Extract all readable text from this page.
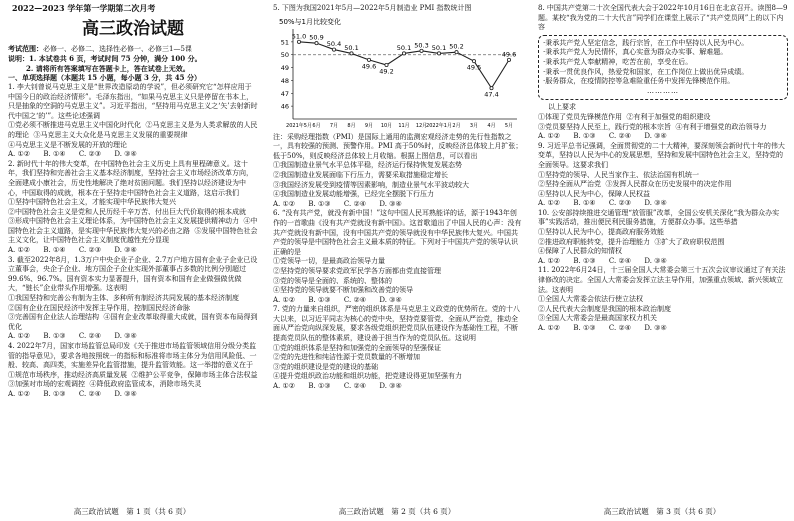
2022—2023 学年第一学期第二次月考
高三政治试题
考试范围：必修一、必修二、选择性必修一、必修三1—5课
说明：1. 本试卷共 6 页，考试时间 75 分钟，满分 100 分。
2. 请将所有答案填写在答题卡上，答在试卷上无效。
一、单项选择题（本题共 15 小题，每小题 3 分，共 45 分）
1. 李大钊曾说马克思主义是“世界改造原动的学说”，但必须研究它“怎样应用于中国今日的政治经济情形”。毛泽东指出，“如果马克思主义只是停留在书本上，只是抽象的空洞的马克思主义”。习近平指出，“坚持用马克思主义之‘矢’去射新时代中国之‘的’”。这些论述强调
①党必须不断推进马克思主义中国化时代化  ②马克思主义是为人类求解放的人民的理论  ③马克思主义大众化是马克思主义发展的重要规律
④马克思主义是不断发展的开放的理论
A. ①②      B. ①④      C. ②③      D. ③④
2. 新时代十年的伟大变革，在中国特色社会主义历史上具有里程碑意义。这十年，我们坚持和完善社会主义基本经济制度，坚持社会主义市场经济改革方向，全面建成小康社会，历史性地解决了绝对贫困问题。我们坚持以经济建设为中心，中国取得的成就，根本在于坚持走中国特色社会主义道路，这启示我们
①坚持中国特色社会主义，才能实现中华民族伟大复兴
②中国特色社会主义是党和人民历经千辛万苦、付出巨大代价取得的根本成就
③形成中国特色社会主义理论体系，为中国特色社会主义发展提供精神动力  ④中国特色社会主义道路，是实现中华民族伟大复兴的必由之路  ⑤发展中国特色社会主义文化，让中国特色社会主义制度优越性充分显现
A. ①②      B. ①④      C. ②③      D. ③④
3. 截至2022年8月，1.3万户中央企业子企业、2.7万户地方国有企业子企业已设立董事会，央企子企业、地方国企子企业实现外部董事占多数的比例分别超过99.6%、96.7%。国有资本实力显著提升，国有资本和国有企业做强做优做大，“链长”企业带头作用增强。这表明
①我国坚持和完善公有制为主体、多种所有制经济共同发展的基本经济制度
②国有企业在国民经济中发挥主导作用，控制国民经济命脉
③完善国有企业法人治理结构  ④国有企业改革取得重大成就，国有资本布局得到优化
A. ①②      B. ①③      C. ②④      D. ③④
4. 2022年7月，国家市场监管总局印发《关于推进市场监管领域信用分级分类监管的指导意见》，要求各地按照统一的指标和标准将市场主体分为信用风险低、一般、较高、高四类，实施差异化监管措施，提升监管效能。这一举措的意义在于
①规范市场秩序，推动经济高质量发展  ②维护公平竞争，保障市场主体合法权益
③加强对市场的宏观调控  ④降低政府监管成本，消除市场失灵
A. ①②      B. ①③      C. ②④      D. ③④
高三政治试题　第 1 页（共 6 页）
5. 下图为我国2021年5月—2022年5月制造业 PMI 指数统计图
50%与1月比较变化
46
47
48
49
50
51
51.0 50.9
50.4 50.1
49.6
49.2
50.1 50.3 50.1 50.2
49.5
47.4
49.6
2021年5月 6月 7月 8月 9月 10月 11月 12月
2022年1月 2月 3月 4月 5月
注：采购经理指数（PMI）是国际上通用的监测宏观经济走势的先行性指数之一，具有较强的预测、预警作用。PMI 高于50%时，反映经济总体较上月扩张；低于50%，则反映经济总体较上月收缩。根据上图信息，可以看出
①我国制造业景气水平总体平稳，经济运行保持恢复发展态势
②我国制造业发展面临下行压力，需要采取措施稳定增长
③我国经济发展受到疫情等因素影响，制造业景气水平波动较大
④我国制造业发展动能增强，已经完全摆脱下行压力
A. ①②      B. ①③      C. ②④      D. ③④
6. “没有共产党，就没有新中国！”这句中国人民耳熟能详的话，源于1943年创作的一首歌曲《没有共产党就没有新中国》。这首歌道出了中国人民的心声：没有共产党就没有新中国，没有中国共产党的领导就没有中华民族伟大复兴。中国共产党的领导是中国特色社会主义最本质的特征。下列对于中国共产党的领导认识正确的是
①党领导一切，是最高政治领导力量
②坚持党的领导要求党政军民学各方面都由党直接管理
③党的领导是全面的、系统的、整体的
④坚持党的领导就要不断加强和改善党的领导
A. ①②      B. ①③      C. ②④      D. ③④
7. 党的力量来自组织，严密的组织体系是马克思主义政党的优势所在。党的十八大以来，以习近平同志为核心的党中央，坚持党要管党、全面从严治党，推动全面从严治党向纵深发展，要求各级党组织把党员队伍建设作为基础性工程，不断提高党员队伍的整体素质，建设善于担当作为的党员队伍。这说明
①党的组织体系是坚持和加强党的全面领导的坚强保证
②党的先进性和纯洁性源于党员数量的不断增加
③党的组织建设是党的建设的基础
④提升党组织政治功能和组织功能，把党建设得更加坚强有力
A. ①②      B. ①③      C. ②④      D. ③④
高三政治试题　第 2 页（共 6 页）
8. 中国共产党第二十次全国代表大会于2022年10月16日在北京召开。读图8—9题。某校“我为党的二十大代言”同学们在课堂上展示了“共产党员网”上的以下内容
·秉承共产党人坚定信念，践行宗旨，在工作中坚持以人民为中心。
·秉承共产党人为民情怀，真心实意为群众办实事、解难题。
·秉承共产党人奉献精神，吃苦在前，享受在后。
·秉承一贯优良作风，热爱党和国家，在工作岗位上做出优异成绩。
·服务群众，在疫情防控等急难险重任务中发挥先锋模范作用。
…………
以上要求
①体现了党员先锋模范作用  ②有利于加强党的组织建设
③党员要坚持人民至上，践行党的根本宗旨  ④有利于增强党的政治领导力
A. ①②      B. ①③      C. ②④      D. ③④
9. 习近平总书记强调，全面贯彻党的二十大精神，要深刻领会新时代十年的伟大变革，坚持以人民为中心的发展思想，坚持和发展中国特色社会主义，坚持党的全面领导。这要求我们
①坚持党的领导、人民当家作主、依法治国有机统一
②坚持全面从严治党  ③发挥人民群众在历史发展中的决定作用
④坚持以人民为中心，保障人民权益
A. ①②      B. ①④      C. ②③      D. ③④
10. 公安部持续推进交通管理“放管服”改革，全国公安机关深化“我为群众办实事”实践活动，推出便民利民服务措施，方便群众办事。这些举措
①坚持以人民为中心，提高政府服务效能
②推进政府职能转变，提升治理能力  ③扩大了政府职权范围
④保障了人民群众的知情权
A. ①②      B. ①③      C. ②④      D. ③④
11. 2022年6月24日，十三届全国人大常委会第三十五次会议审议通过了有关法律修改的决定。全国人大常委会发挥立法主导作用，加强重点领域、新兴领域立法。这表明
①全国人大常委会依法行使立法权
②人民代表大会制度是我国的根本政治制度
③全国人大常委会是最高国家权力机关
A. ①②      B. ①③      C. ②④      D. ③④
高三政治试题　第 3 页（共 6 页）
